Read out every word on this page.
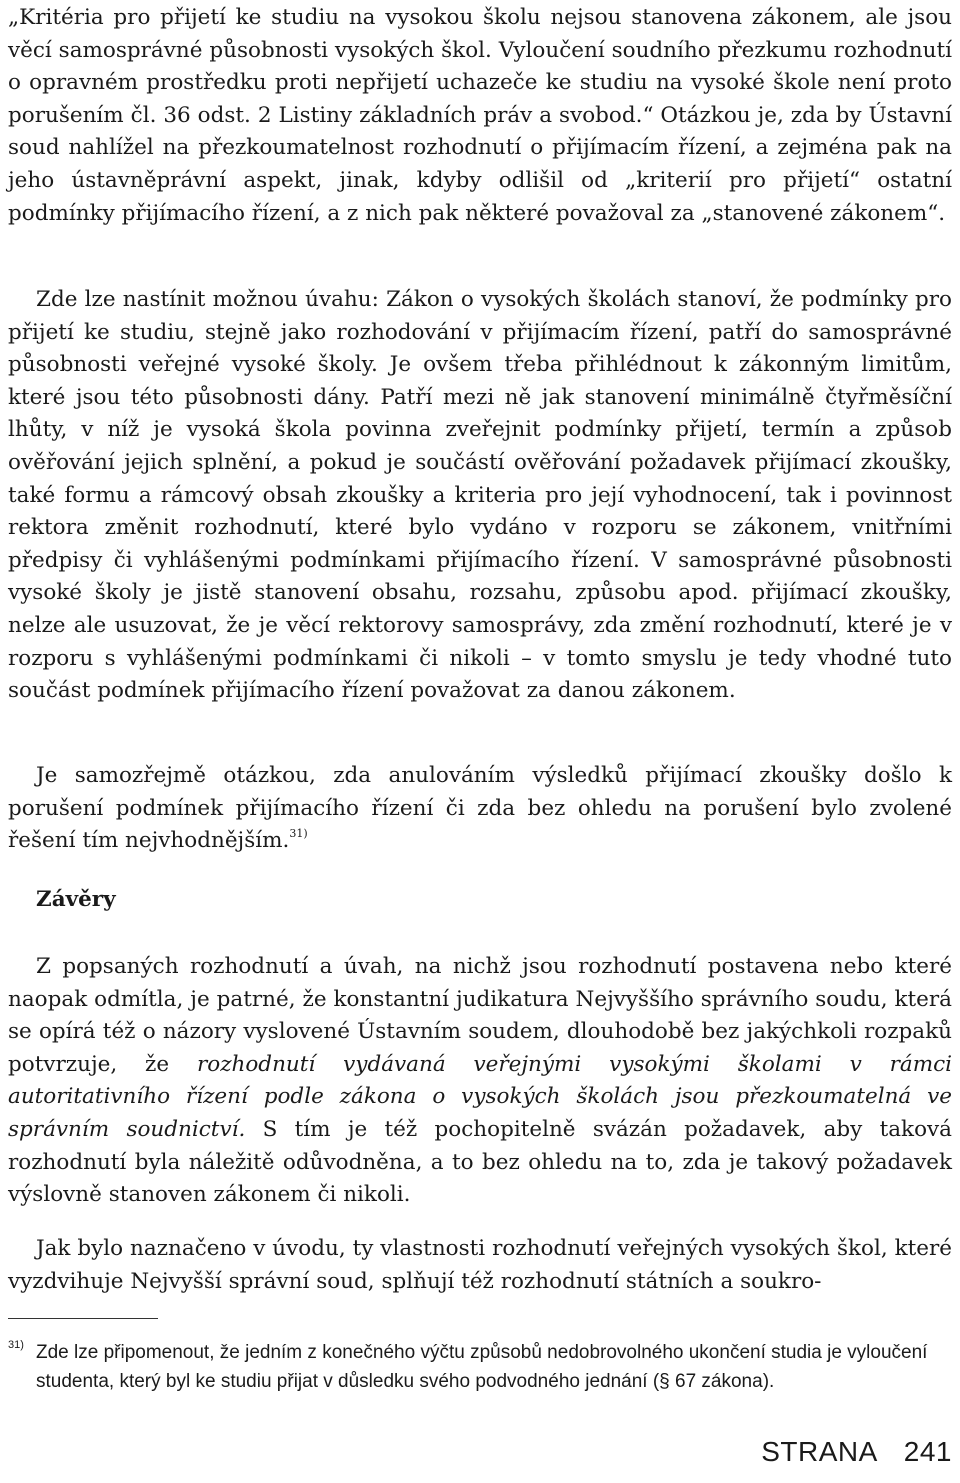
„Kritéria pro přijetí ke studiu na vysokou školu nejsou stanovena zákonem, ale jsou věcí samosprávné působnosti vysokých škol. Vyloučení soudního přezkumu rozhodnutí o opravném prostředku proti nepřijetí uchazeče ke studiu na vysoké škole není proto porušením čl. 36 odst. 2 Listiny základních práv a svobod.“ Otázkou je, zda by Ústavní soud nahlížel na přezkoumatelnost rozhodnutí o přijímacím řízení, a zejména pak na jeho ústavněprávní aspekt, jinak, kdyby odlišil od „kriterií pro přijetí“ ostatní podmínky přijímacího řízení, a z nich pak některé považoval za „stanovené zákonem“.

Zde lze nastínit možnou úvahu: Zákon o vysokých školách stanoví, že podmínky pro přijetí ke studiu, stejně jako rozhodování v přijímacím řízení, patří do samosprávné působnosti veřejné vysoké školy. Je ovšem třeba přihlédnout k zákonným limitům, které jsou této působnosti dány. Patří mezi ně jak stanovení minimálně čtyřměsíční lhůty, v níž je vysoká škola povinna zveřejnit podmínky přijetí, termín a způsob ověřování jejich splnění, a pokud je součástí ověřování požadavek přijímací zkoušky, také formu a rámcový obsah zkoušky a kriteria pro její vyhodnocení, tak i povinnost rektora změnit rozhodnutí, které bylo vydáno v rozporu se zákonem, vnitřními předpisy či vyhlášenými podmínkami přijímacího řízení. V samosprávné působnosti vysoké školy je jistě stanovení obsahu, rozsahu, způsobu apod. přijímací zkoušky, nelze ale usuzovat, že je věcí rektorovy samosprávy, zda změní rozhodnutí, které je v rozporu s vyhlášenými podmínkami či nikoli – v tomto smyslu je tedy vhodné tuto součást podmínek přijímacího řízení považovat za danou zákonem.

Je samozřejmě otázkou, zda anulováním výsledků přijímací zkoušky došlo k porušení podmínek přijímacího řízení či zda bez ohledu na porušení bylo zvolené řešení tím nejvhodnějším.$^{31)}$

Závěry

Z popsaných rozhodnutí a úvah, na nichž jsou rozhodnutí postavena nebo které naopak odmítla, je patrné, že konstantní judikatura Nejvyššího správního soudu, která se opírá též o názory vyslovené Ústavním soudem, dlouhodobě bez jakýchkoli rozpaků potvrzuje, že rozhodnutí vydávaná veřejnými vysokými školami v rámci autoritativního řízení podle zákona o vysokých školách jsou přezkoumatelná ve správním soudnictví. S tím je též pochopitelně svázán požadavek, aby taková rozhodnutí byla náležitě odůvodněna, a to bez ohledu na to, zda je takový požadavek výslovně stanoven zákonem či nikoli.

Jak bylo naznačeno v úvodu, ty vlastnosti rozhodnutí veřejných vysokých škol, které vyzdvihuje Nejvyšší správní soud, splňují též rozhodnutí státních a soukro-

31) Zde lze připomenout, že jedním z konečného výčtu způsobů nedobrovolného ukončení studia je vyloučení studenta, který byl ke studiu přijat v důsledku svého podvodného jednání (§ 67 zákona).
STRANA 241
